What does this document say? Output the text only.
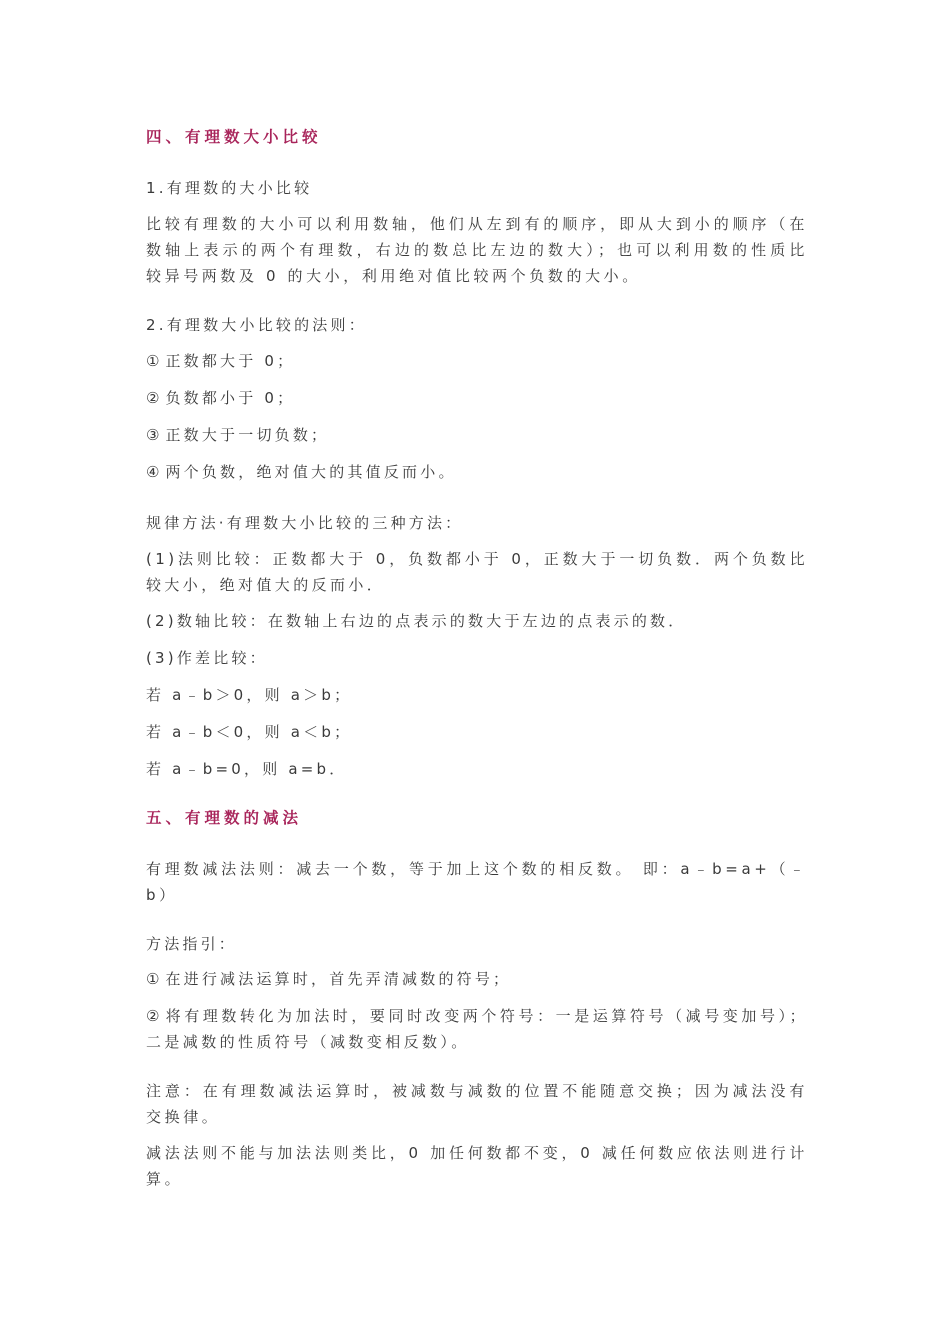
四、有理数大小比较
1.有理数的大小比较
比较有理数的大小可以利用数轴，他们从左到有的顺序，即从大到小的顺序（在数轴上表示的两个有理数，右边的数总比左边的数大）；也可以利用数的性质比较异号两数及 0 的大小，利用绝对值比较两个负数的大小。
2.有理数大小比较的法则：
① 正数都大于 0；
② 负数都小于 0；
③ 正数大于一切负数；
④ 两个负数，绝对值大的其值反而小。
规律方法·有理数大小比较的三种方法：
(1)法则比较：正数都大于 0，负数都小于 0，正数大于一切负数．两个负数比较大小，绝对值大的反而小．
(2)数轴比较：在数轴上右边的点表示的数大于左边的点表示的数．
(3)作差比较：
若 a﹣b＞0，则 a＞b；
若 a﹣b＜0，则 a＜b；
若 a﹣b=0，则 a=b．
五、有理数的减法
有理数减法法则：减去一个数，等于加上这个数的相反数。 即：a﹣b=a+（﹣b）
方法指引：
① 在进行减法运算时，首先弄清减数的符号；
② 将有理数转化为加法时，要同时改变两个符号：一是运算符号（减号变加号）； 二是减数的性质符号（减数变相反数）。
注意：在有理数减法运算时，被减数与减数的位置不能随意交换；因为减法没有交换律。
减法法则不能与加法法则类比，0 加任何数都不变，0 减任何数应依法则进行计算。
